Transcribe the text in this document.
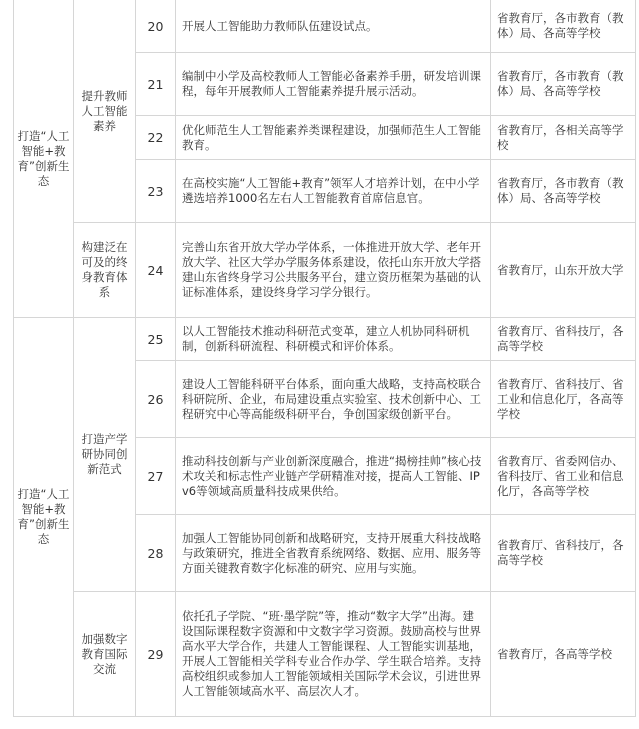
打造“人工智能+教育”创新生态	提升教师人工智能素养	20	开展人工智能助力教师队伍建设试点。	省教育厅，各市教育（教体）局、各高等学校
		21	编制中小学及高校教师人工智能必备素养手册，研发培训课程，每年开展教师人工智能素养提升展示活动。	省教育厅，各市教育（教体）局、各高等学校
		22	优化师范生人工智能素养类课程建设，加强师范生人工智能教育。	省教育厅，各相关高等学校
		23	在高校实施“人工智能+教育”领军人才培养计划，在中小学遴选培养1000名左右人工智能教育首席信息官。	省教育厅，各市教育（教体）局、各高等学校
	构建泛在可及的终身教育体系	24	完善山东省开放大学办学体系，一体推进开放大学、老年开放大学、社区大学办学服务体系建设，依托山东开放大学搭建山东省终身学习公共服务平台，建立资历框架为基础的认证标准体系，建设终身学习学分银行。	省教育厅，山东开放大学
打造“人工智能+教育”创新生态	打造产学研协同创新范式	25	以人工智能技术推动科研范式变革，建立人机协同科研机制，创新科研流程、科研模式和评价体系。	省教育厅、省科技厅，各高等学校
		26	建设人工智能科研平台体系，面向重大战略，支持高校联合科研院所、企业，布局建设重点实验室、技术创新中心、工程研究中心等高能级科研平台，争创国家级创新平台。	省教育厅、省科技厅、省工业和信息化厅，各高等学校
		27	推动科技创新与产业创新深度融合，推进“揭榜挂帅”核心技术攻关和标志性产业链产学研精准对接，提高人工智能、IPv6等领域高质量科技成果供给。	省教育厅、省委网信办、省科技厅、省工业和信息化厅，各高等学校
		28	加强人工智能协同创新和战略研究，支持开展重大科技战略与政策研究，推进全省教育系统网络、数据、应用、服务等方面关键教育数字化标准的研究、应用与实施。	省教育厅、省科技厅，各高等学校
	加强数字教育国际交流	29	依托孔子学院、“班·墨学院”等，推动“数字大学”出海。建设国际课程数字资源和中文数字学习资源。鼓励高校与世界高水平大学合作，共建人工智能课程、人工智能实训基地，开展人工智能相关学科专业合作办学、学生联合培养。支持高校组织或参加人工智能领域相关国际学术会议，引进世界人工智能领域高水平、高层次人才。	省教育厅，各高等学校
